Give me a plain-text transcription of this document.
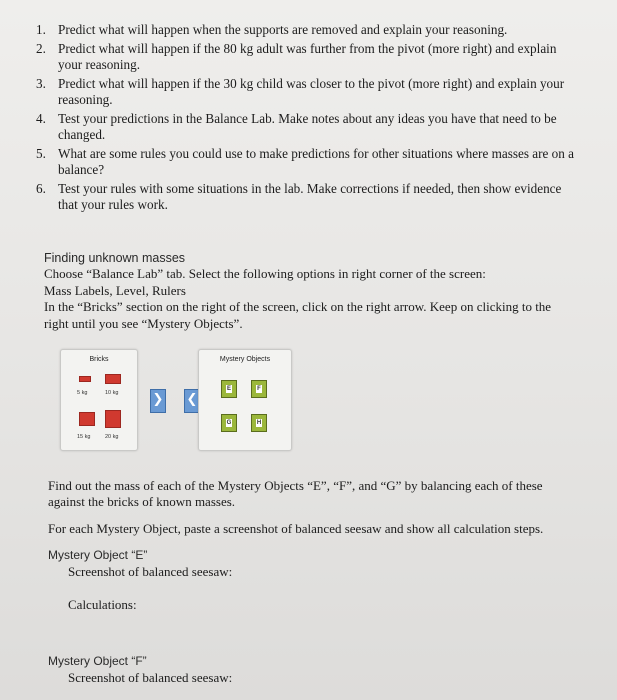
1. Predict what will happen when the supports are removed and explain your reasoning.
2. Predict what will happen if the 80 kg adult was further from the pivot (more right) and explain your reasoning.
3. Predict what will happen if the 30 kg child was closer to the pivot (more right) and explain your reasoning.
4. Test your predictions in the Balance Lab. Make notes about any ideas you have that need to be changed.
5. What are some rules you could use to make predictions for other situations where masses are on a balance?
6. Test your rules with some situations in the lab. Make corrections if needed, then show evidence that your rules work.

Finding unknown masses

Choose “Balance Lab” tab. Select the following options in right corner of the screen:

Mass Labels, Level, Rulers

In the “Bricks” section on the right of the screen, click on the right arrow. Keep on clicking to the right until you see “Mystery Objects”.

Bricks
5 kg	10 kg
15 kg	20 kg
❯ ❮
Mystery Objects
E	F
G	H

Find out the mass of each of the Mystery Objects “E”, “F”, and “G” by balancing each of these against the bricks of known masses.

For each Mystery Object, paste a screenshot of balanced seesaw and show all calculation steps.

Mystery Object “E”

Screenshot of balanced seesaw:

Calculations:

Mystery Object “F”

Screenshot of balanced seesaw:
